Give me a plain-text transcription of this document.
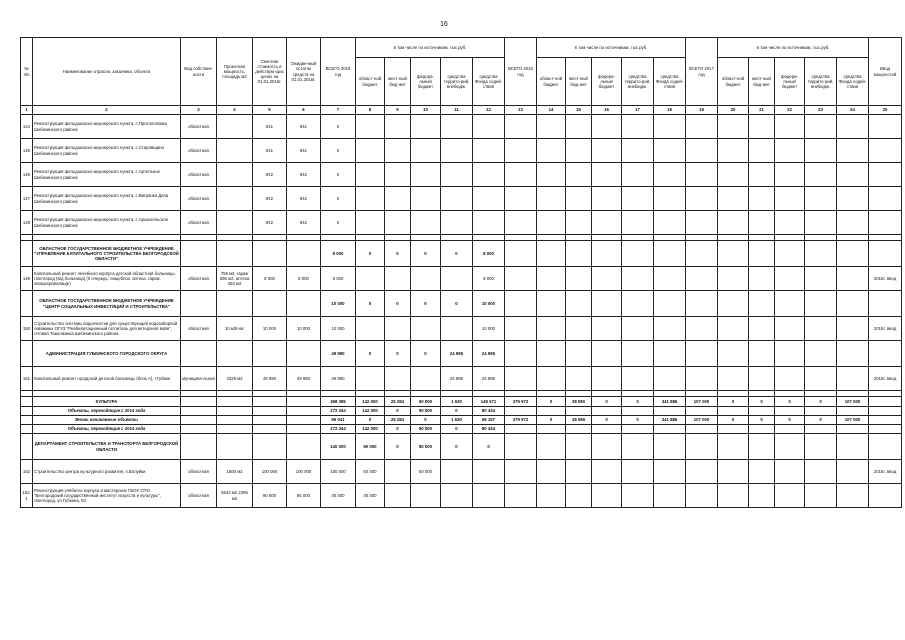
16
№ п/п	Наименование отрасли, заказчика, объекта	Вид собствен-ности	Проектная мощность, площадь м2	Сметная стоимость в действую-щих ценах на 01.01.2015г.	Ожидае-мый остаток средств на 01.01.2015г.	ВСЕГО 2015 год	в том числе по источникам, тыс.руб.					ВСЕГО 2016 год	в том числе по источникам, тыс.руб.					ВСЕГО 2017 год	в том числе по источникам, тыс.руб.					Ввод мощностей
							област-ной бюджет	мест-ный бюд-жет	федера-льный бюджет	средства террито-рий, внебюдж.	средства Фонда содей-ствия		област-ной бюджет	мест-ный бюд-жет	федера-льный бюджет	средства террито-рий, внебюдж.	средства Фонда содей-ствия		област-ной бюджет	мест-ный бюд-жет	федера-льный бюджет	средства террито-рий, внебюдж.	средства Фонда содей-ствия	
1	2	3	4	5	6	7	8	9	10	11	12	13	14	15	16	17	18	19	20	21	22	23	24	25
144	Реконструкция фельдшерско-акушерского пункта, с.Протопоповка Шебекинского района	областная		941	941	0																		
145	Реконструкция фельдшерско-акушерского пункта, с.Старовщино Шебекинского района	областная		941	941	0																		
146	Реконструкция фельдшерско-акушерского пункта, с.Артельное Шебекинского района	областная		942	942	0																		
147	Реконструкция фельдшерско-акушерского пункта, с.Вигранка Дача Шебекинского района	областная		942	942	0																		
148	Реконструкция фельдшерско-акушерского пункта, с.Архангельское Шебекинского района	областная		942	942	0																		

	ОБЛАСТНОЕ ГОСУДАРСТВЕННОЕ БЮДЖЕТНОЕ УЧРЕЖДЕНИЕ "УПРАВЛЕНИЕ КАПИТАЛЬНОГО СТРОИТЕЛЬСТВА БЕЛГОРОДСКОЙ ОБЛАСТИ"					8 000	0	0	0	0	8 000													
149	Капитальный ремонт лечебного корпуса детской областной больницы, г.Белгород (в/д больница) (II очередь: пищеблок, аптека, гараж, овощехранилище)	областная	759 м2, гараж 396 м2, аптека 403 м2	8 000	8 000	8 000					8 000													2015г. ввод
	ОБЛАСТНОЕ ГОСУДАРСТВЕННОЕ БЮДЖЕТНОЕ УЧРЕЖДЕНИЕ "ЦЕНТР СОЦИАЛЬНЫХ ИНВЕСТИЦИЙ И СТРОИТЕЛЬСТВА"					10 000	0	0	0	0	10 000													
150	Строительство системы водоочистки для существующей водозаборной скважины ОГУЗ "Реабилитационный госпиталь для ветеранов войн", г.Новая Таволжанка Шебекинского района	областная	10 м3/час	10 000	10 000	10 000					10 000													2015г. ввод
	АДМИНИСТРАЦИЯ ГУБКИНСКОГО ГОРОДСКОГО ОКРУГА					49 990	0	0	0	24 995	24 995													
151	Капитальный ремонт городской детской больницы (блок А), г.Губкин	муниципа-льная	3328 м2	49 990	49 990	49 990				24 995	24 995													2015г. ввод

	КУЛЬТУРА					368 385	142 000	25 284	50 000	1 630	149 571	379 972	0	38 080	0	0	341 886	107 000	0	0	0	0	107 000	
	Объекты, переходящие с 2014 года					272 344	142 000	0	50 000	0	80 344													
	Вновь начинаемые объекты					96 041	0	25 284	0	1 630	69 157	379 972	0	38 086	0	0	341 886	107 000	0	0	0	0	107 000	
	Объекты, переходящие с 2014 года					272 344	142 000	0	50 000	0	80 344													
	ДЕПАРТАМЕНТ СТРОИТЕЛЬСТВА И ТРАНСПОРТА БЕЛГОРОДСКОЙ ОБЛАСТИ					140 000	90 000	0	50 000	0	0													
152	Строительство центра культурного развития, п.Волуйки	областная	1500 м2	100 000	100 000	100 000	50 000		50 000															2015г. ввод
152. 1	Реконструкция учебного корпуса и мастерских ГБОУ СПО "Белгородский государственный институт искусств и культуры", г.Белгород, ул.Губкина, 53	областная	6543 м2 2395 м2	90 500	65 000	40 000	40 000																	
